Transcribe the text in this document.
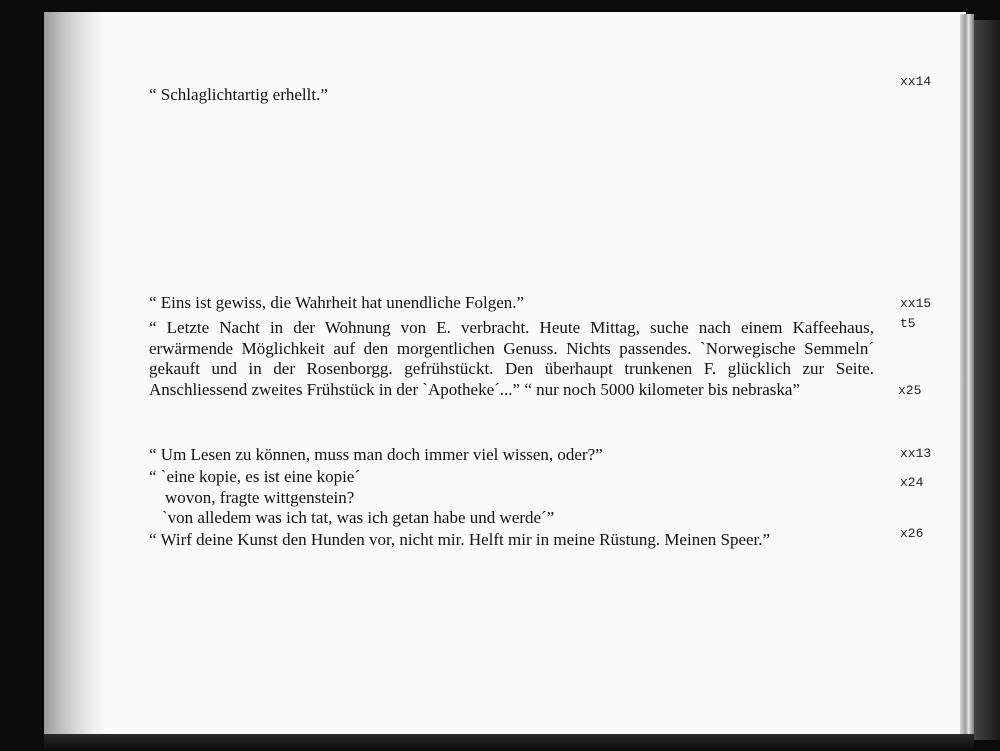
xx14
“ Schlaglichtartig erhellt.”
“ Eins ist gewiss, die Wahrheit hat unendliche Folgen.”	xx15
“ Letzte Nacht in der Wohnung von E. verbracht. Heute Mittag, suche nach einem Kaffeehaus, erwärmende Möglichkeit auf den morgentlichen Genuss. Nichts passendes. `Norwegische Semmeln´ gekauft und in der Rosenborgg. gefrühstückt. Den überhaupt trunkenen F. glücklich zur Seite. Anschliessend zweites Frühstück in der `Apotheke´...” “ nur noch 5000 kilometer bis nebraska”
t5
x25
“ Um Lesen zu können, muss man doch immer viel wissen, oder?”	xx13
“ `eine kopie, es ist eine kopie´
wovon, fragte wittgenstein?
`von alledem was ich tat, was ich getan habe und werde´”
x24
“ Wirf deine Kunst den Hunden vor, nicht mir. Helft mir in meine Rüstung. Meinen Speer.”	x26
